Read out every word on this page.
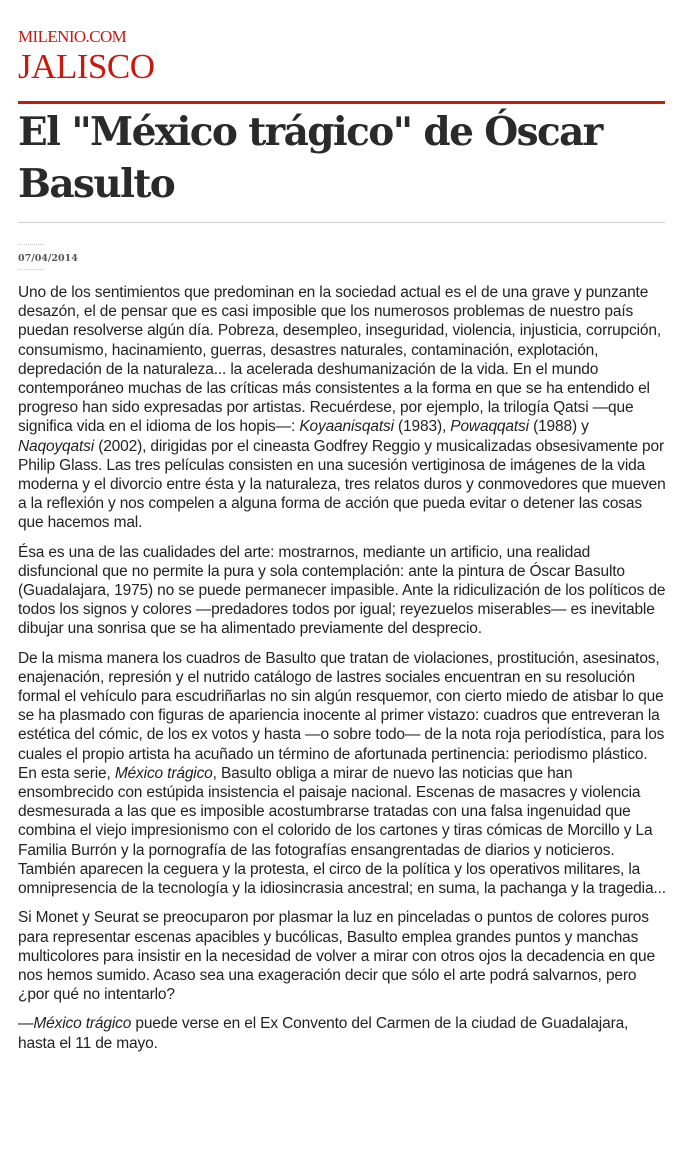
MILENIO.COM
JALISCO
El "México trágico" de Óscar Basulto
07/04/2014

Uno de los sentimientos que predominan en la sociedad actual es el de una grave y punzante desazón, el de pensar que es casi imposible que los numerosos problemas de nuestro país puedan resolverse algún día. Pobreza, desempleo, inseguridad, violencia, injusticia, corrupción, consumismo, hacinamiento, guerras, desastres naturales, contaminación, explotación, depredación de la naturaleza... la acelerada deshumanización de la vida. En el mundo contemporáneo muchas de las críticas más consistentes a la forma en que se ha entendido el progreso han sido expresadas por artistas. Recuérdese, por ejemplo, la trilogía Qatsi —que significa vida en el idioma de los hopis—: Koyaanisqatsi (1983), Powaqqatsi (1988) y Naqoyqatsi (2002), dirigidas por el cineasta Godfrey Reggio y musicalizadas obsesivamente por Philip Glass. Las tres películas consisten en una sucesión vertiginosa de imágenes de la vida moderna y el divorcio entre ésta y la naturaleza, tres relatos duros y conmovedores que mueven a la reflexión y nos compelen a alguna forma de acción que pueda evitar o detener las cosas que hacemos mal.

Ésa es una de las cualidades del arte: mostrarnos, mediante un artificio, una realidad disfuncional que no permite la pura y sola contemplación: ante la pintura de Óscar Basulto (Guadalajara, 1975) no se puede permanecer impasible. Ante la ridiculización de los políticos de todos los signos y colores —predadores todos por igual; reyezuelos miserables— es inevitable dibujar una sonrisa que se ha alimentado previamente del desprecio.

De la misma manera los cuadros de Basulto que tratan de violaciones, prostitución, asesinatos, enajenación, represión y el nutrido catálogo de lastres sociales encuentran en su resolución formal el vehículo para escudriñarlas no sin algún resquemor, con cierto miedo de atisbar lo que se ha plasmado con figuras de apariencia inocente al primer vistazo: cuadros que entreveran la estética del cómic, de los ex votos y hasta —o sobre todo— de la nota roja periodística, para los cuales el propio artista ha acuñado un término de afortunada pertinencia: periodismo plástico. En esta serie, México trágico, Basulto obliga a mirar de nuevo las noticias que han ensombrecido con estúpida insistencia el paisaje nacional. Escenas de masacres y violencia desmesurada a las que es imposible acostumbrarse tratadas con una falsa ingenuidad que combina el viejo impresionismo con el colorido de los cartones y tiras cómicas de Morcillo y La Familia Burrón y la pornografía de las fotografías ensangrentadas de diarios y noticieros. También aparecen la ceguera y la protesta, el circo de la política y los operativos militares, la omnipresencia de la tecnología y la idiosincrasia ancestral; en suma, la pachanga y la tragedia...

Si Monet y Seurat se preocuparon por plasmar la luz en pinceladas o puntos de colores puros para representar escenas apacibles y bucólicas, Basulto emplea grandes puntos y manchas multicolores para insistir en la necesidad de volver a mirar con otros ojos la decadencia en que nos hemos sumido. Acaso sea una exageración decir que sólo el arte podrá salvarnos, pero ¿por qué no intentarlo?

—México trágico puede verse en el Ex Convento del Carmen de la ciudad de Guadalajara, hasta el 11 de mayo.
